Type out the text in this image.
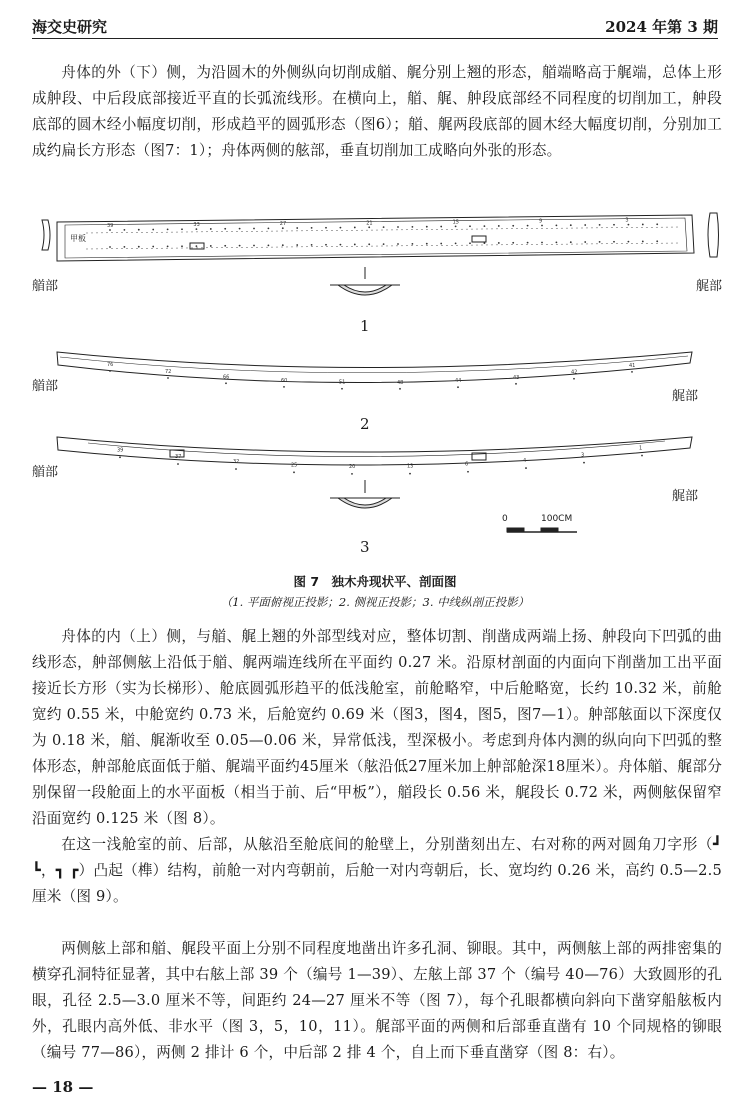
海交史研究	2024 年第 3 期

舟体的外（下）侧，为沿圆木的外侧纵向切削成艏、艉分别上翘的形态，艏端略高于艉端，总体上形成舯段、中后段底部接近平直的长弧流线形。在横向上，艏、艉、舯段底部经不同程度的切削加工，舯段底部的圆木经小幅度切削，形成趋平的圆弧形态（图6）；艏、艉两段底部的圆木经大幅度切削，分别加工成约扁长方形态（图7：1）；舟体两侧的舷部，垂直切削加工成略向外张的形态。

39	33	27	21	15	9	3
76
72
66
60	51	48	44
43
42
41
39
37
32
25	20	13	6
4
3
1
艏部	艉部
艏部
艉部
艏部
艉部
1
2
3
0	100CM
甲板
图 7　独木舟现状平、剖面图
（1. 平面俯视正投影；2. 侧视正投影；3. 中线纵剖正投影）

舟体的内（上）侧，与艏、艉上翘的外部型线对应，整体切割、削凿成两端上扬、舯段向下凹弧的曲线形态，舯部侧舷上沿低于艏、艉两端连线所在平面约 0.27 米。沿原材剖面的内面向下削凿加工出平面接近长方形（实为长梯形）、舱底圆弧形趋平的低浅舱室，前舱略窄，中后舱略宽，长约 10.32 米，前舱宽约 0.55 米，中舱宽约 0.73 米，后舱宽约 0.69 米（图3，图4，图5，图7—1）。舯部舷面以下深度仅为 0.18 米，艏、艉渐收至 0.05—0.06 米，异常低浅，型深极小。考虑到舟体内测的纵向向下凹弧的整体形态，舯部舱底面低于艏、艉端平面约45厘米（舷沿低27厘米加上舯部舱深18厘米）。舟体艏、艉部分别保留一段舱面上的水平面板（相当于前、后“甲板”），艏段长 0.56 米，艉段长 0.72 米，两侧舷保留窄沿面宽约 0.125 米（图 8）。

在这一浅舱室的前、后部，从舷沿至舱底间的舱壁上，分别凿刻出左、右对称的两对圆角刀字形（┛ ┗，┓ ┏）凸起（榫）结构，前舱一对内弯朝前，后舱一对内弯朝后，长、宽均约 0.26 米，高约 0.5—2.5 厘米（图 9）。

两侧舷上部和艏、艉段平面上分别不同程度地凿出许多孔洞、铆眼。其中，两侧舷上部的两排密集的横穿孔洞特征显著，其中右舷上部 39 个（编号 1—39）、左舷上部 37 个（编号 40—76）大致圆形的孔眼，孔径 2.5—3.0 厘米不等，间距约 24—27 厘米不等（图 7），每个孔眼都横向斜向下凿穿船舷板内外，孔眼内高外低、非水平（图 3，5，10，11）。艉部平面的两侧和后部垂直凿有 10 个同规格的铆眼（编号 77—86），两侧 2 排计 6 个，中后部 2 排 4 个，自上而下垂直凿穿（图 8：右）。

— 18 —
